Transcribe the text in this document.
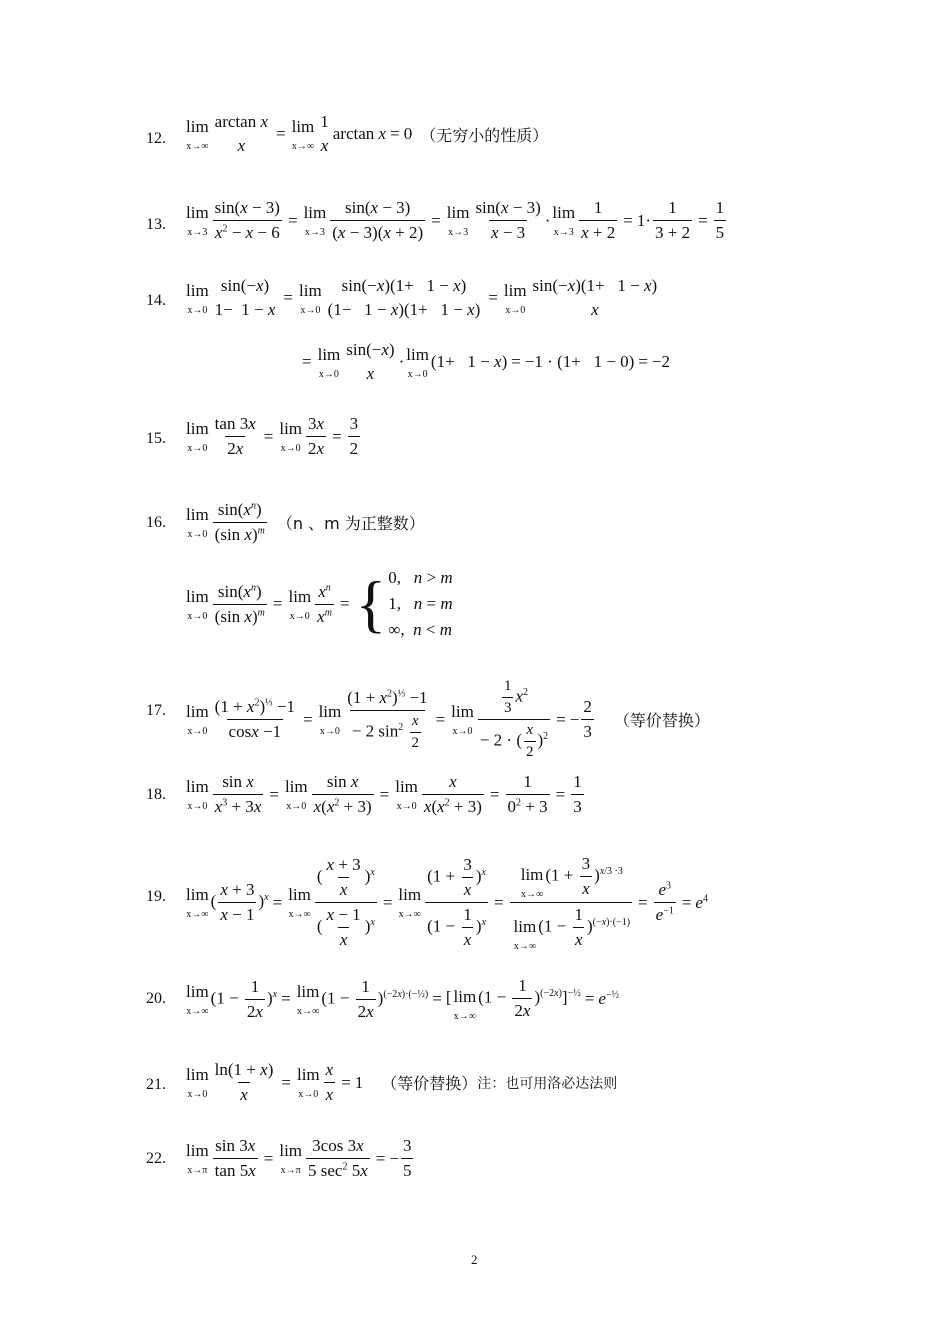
12.
lim
x→∞
arctan x
x
= lim
x→∞
1
x
arctan x = 0 （无穷小的性质）
13.
lim
$x\to 3 \frac{\sin(x - 3)}{x^2 - x - 6} = \lim$
$x\to 3 \frac{\sin(x - 3)}{(x - 3)(x + 2)} = \lim$
$x\to 3 \frac{\sin(x - 3)}{x - 3} \cdot \lim$
$x\to 3 \frac{1}{x + 2} = 1\cdot \frac{1}{3 + 2} = \frac{1}{5}$
14.
lim
x→0
sin(−x)
1−  1 − x
= lim
x→0
sin(−x)(1+   1 − x)
(1−   1 − x)(1+   1 − x)
= lim
x→0
sin(−x)(1+   1 − x)
x
= lim
x→0
sin(−x)
x
· lim
x→0
(1+   1 − x) = −1 · (1+   1 − 0) = −2
15.
lim
$x\to 0 \frac{\tan 3x}{2x} = \lim$
$x\to 0 \frac{3x}{2x} = \frac{3}{2}$
16. lim
$x\to 0 \frac{\sin(x^n)}{(\sin x)^m} (n$ 、m 为正整数）
lim
$x\to 0 \frac{\sin(x^n)}{(\sin x)^m} = \lim$
$x\to 0 \frac{x^n}{x^m}$ = { 0,   n > m
1,   n = m
∞,  n < m
17. lim
$x\to 0 \frac{(1 + x^2)^{\frac{1}{3}} -1}{\cos x -1} = \lim$
$x\to 0 \frac{(1 + x^2)^{\frac{1}{3}} -1}{- 2 \sin^2 \frac{x}{2}} = \lim$
$x\to 0 \frac{\frac{1}{3} x^2}{- 2 \cdot ( \frac{x}{2} )^2}$ = − $\frac{2}{3}$ （等价替换）
18. lim
$x\to 0 \frac{\text{sin x}}{x^3 + 3x} = \lim$
$x\to 0 \frac{\text{sin x}}{x(x^2 + 3)} = \lim$
$x\to 0 \frac{x}{x(x^2 + 3)} = \frac{1}{0^2 + 3} = \frac{1}{3}$
19. lim
x→∞
( $\frac{x + 3}{x - 1} )^x = \lim$
$x\to\infty \frac{( \frac{x + 3}{x} )^x}{( \frac{x - 1}{x} )^x} = \lim$
$x\to\infty \frac{(1 + \frac{3}{x} )^x}{(1 - \frac{1}{x} )^x} = \lim$
x→∞
$(1 + \frac{3}{x} )^{x/3 \cdot 3}$
lim
x→∞
$(1 - \frac{1}{x} )^{(-x)\cdot(-1)} = \frac{e^3}{e^{-1}} = e^4$
20. lim
x→∞
$(1 - \frac{1}{2x} )^x = \lim$
x→∞
$(1 - \frac{1}{2x} )^{(-2x)\cdot(-\frac{1}{2})}$ = [ lim
x→∞
$(1 - \frac{1}{2x} )^{(-2x)}]^{-\frac{1}{2}} = e^{-\frac{1}{2}}$
21.
lim
$x\to 0 \frac{\ln(1 + x)}{x} = \lim$
$x\to 0 \frac{x}{x} = 1$ （等价替换） 注：也可用洛必达法则
22. lim
$x\to\pi \frac{\sin 3x}{\tan 5x} = \lim$
$x\to\pi \frac{3\cos 3x}{5 \sec^2 5x}$ = − $\frac{3}{5}$
2
